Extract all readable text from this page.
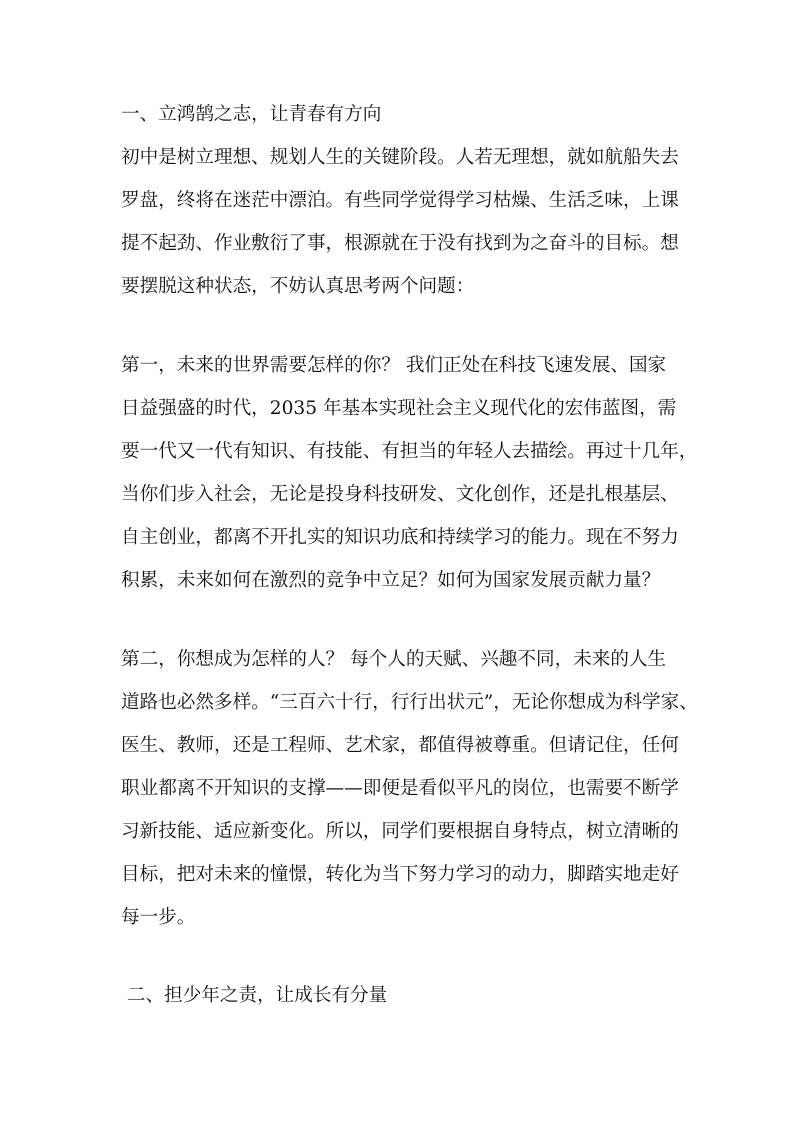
一、立鸿鹄之志，让青春有方向
初中是树立理想、规划人生的关键阶段。人若无理想，就如航船失去
罗盘，终将在迷茫中漂泊。有些同学觉得学习枯燥、生活乏味，上课
提不起劲、作业敷衍了事，根源就在于没有找到为之奋斗的目标。想
要摆脱这种状态，不妨认真思考两个问题：
第一，未来的世界需要怎样的你？ 我们正处在科技飞速发展、国家
日益强盛的时代，2035 年基本实现社会主义现代化的宏伟蓝图，需
要一代又一代有知识、有技能、有担当的年轻人去描绘。再过十几年，
当你们步入社会，无论是投身科技研发、文化创作，还是扎根基层、
自主创业，都离不开扎实的知识功底和持续学习的能力。现在不努力
积累，未来如何在激烈的竞争中立足？如何为国家发展贡献力量？
第二，你想成为怎样的人？ 每个人的天赋、兴趣不同，未来的人生
道路也必然多样。“三百六十行，行行出状元”，无论你想成为科学家、
医生、教师，还是工程师、艺术家，都值得被尊重。但请记住，任何
职业都离不开知识的支撑——即便是看似平凡的岗位，也需要不断学
习新技能、适应新变化。所以，同学们要根据自身特点，树立清晰的
目标，把对未来的憧憬，转化为当下努力学习的动力，脚踏实地走好
每一步。
二、担少年之责，让成长有分量
